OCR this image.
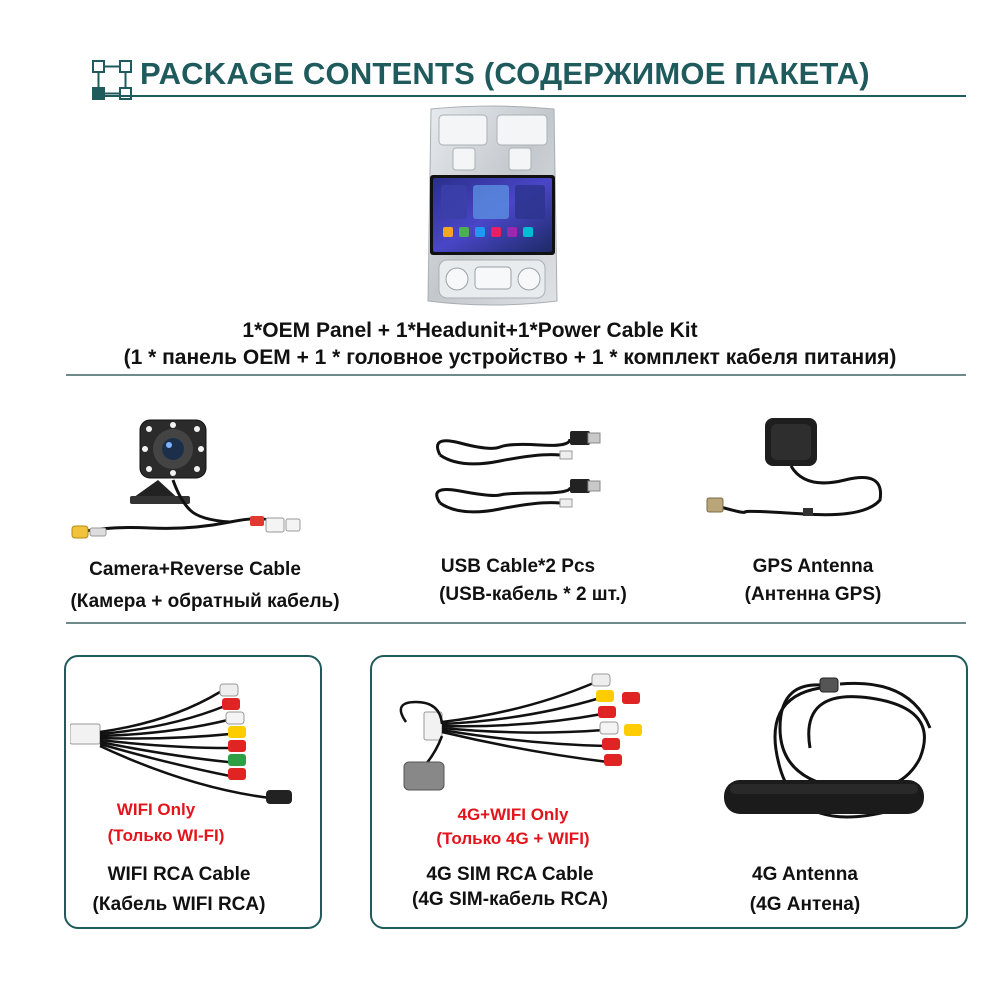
PACKAGE CONTENTS (СОДЕРЖИМОЕ ПАКЕТА)
1*OEM Panel + 1*Headunit+1*Power Cable Kit
(1 * панель OEM + 1 * головное устройство + 1 * комплект кабеля питания)
Camera+Reverse Cable
(Камера + обратный кабель)
USB Cable*2 Pcs
(USB-кабель * 2 шт.)
GPS Antenna
(Антенна GPS)
WIFI Only
(Только WI-FI)
WIFI RCA Cable
(Кабель WIFI RCA)
4G+WIFI Only
(Только 4G + WIFI)
4G SIM RCA Cable
(4G SIM-кабель RCA)
4G Antenna
(4G Антена)
